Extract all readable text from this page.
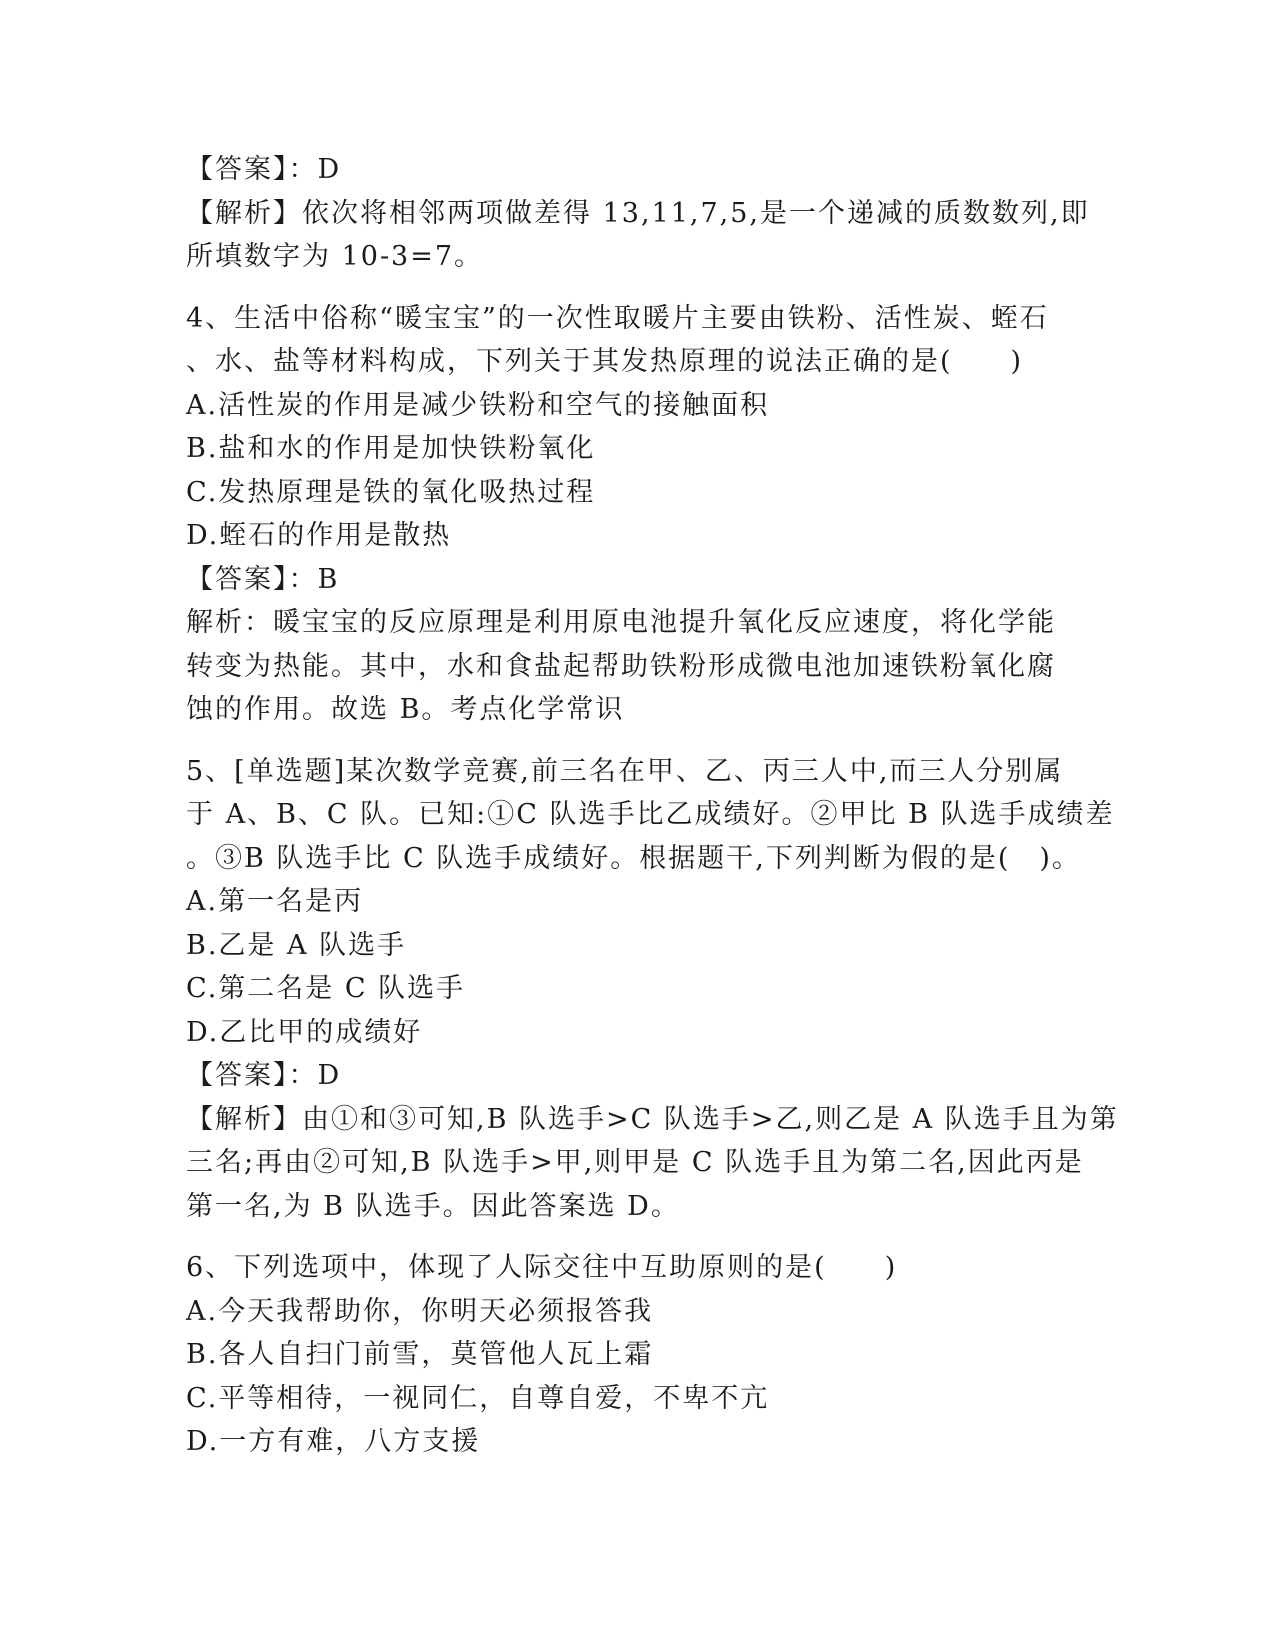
【答案】：D
【解析】依次将相邻两项做差得 13,11,7,5,是一个递减的质数数列,即
所填数字为 10-3=7。
4、生活中俗称“暖宝宝”的一次性取暖片主要由铁粉、活性炭、蛭石
、水、盐等材料构成，下列关于其发热原理的说法正确的是(　　)
A.活性炭的作用是减少铁粉和空气的接触面积
B.盐和水的作用是加快铁粉氧化
C.发热原理是铁的氧化吸热过程
D.蛭石的作用是散热
【答案】：B
解析：暖宝宝的反应原理是利用原电池提升氧化反应速度，将化学能
转变为热能。其中，水和食盐起帮助铁粉形成微电池加速铁粉氧化腐
蚀的作用。故选 B。考点化学常识
5、[单选题]某次数学竞赛,前三名在甲、乙、丙三人中,而三人分别属
于 A、B、C 队。已知:①C 队选手比乙成绩好。②甲比 B 队选手成绩差
。③B 队选手比 C 队选手成绩好。根据题干,下列判断为假的是(　)。
A.第一名是丙
B.乙是 A 队选手
C.第二名是 C 队选手
D.乙比甲的成绩好
【答案】：D
【解析】由①和③可知,B 队选手>C 队选手>乙,则乙是 A 队选手且为第
三名;再由②可知,B 队选手>甲,则甲是 C 队选手且为第二名,因此丙是
第一名,为 B 队选手。因此答案选 D。
6、下列选项中，体现了人际交往中互助原则的是(　　)
A.今天我帮助你，你明天必须报答我
B.各人自扫门前雪，莫管他人瓦上霜
C.平等相待，一视同仁，自尊自爱，不卑不亢
D.一方有难，八方支援
